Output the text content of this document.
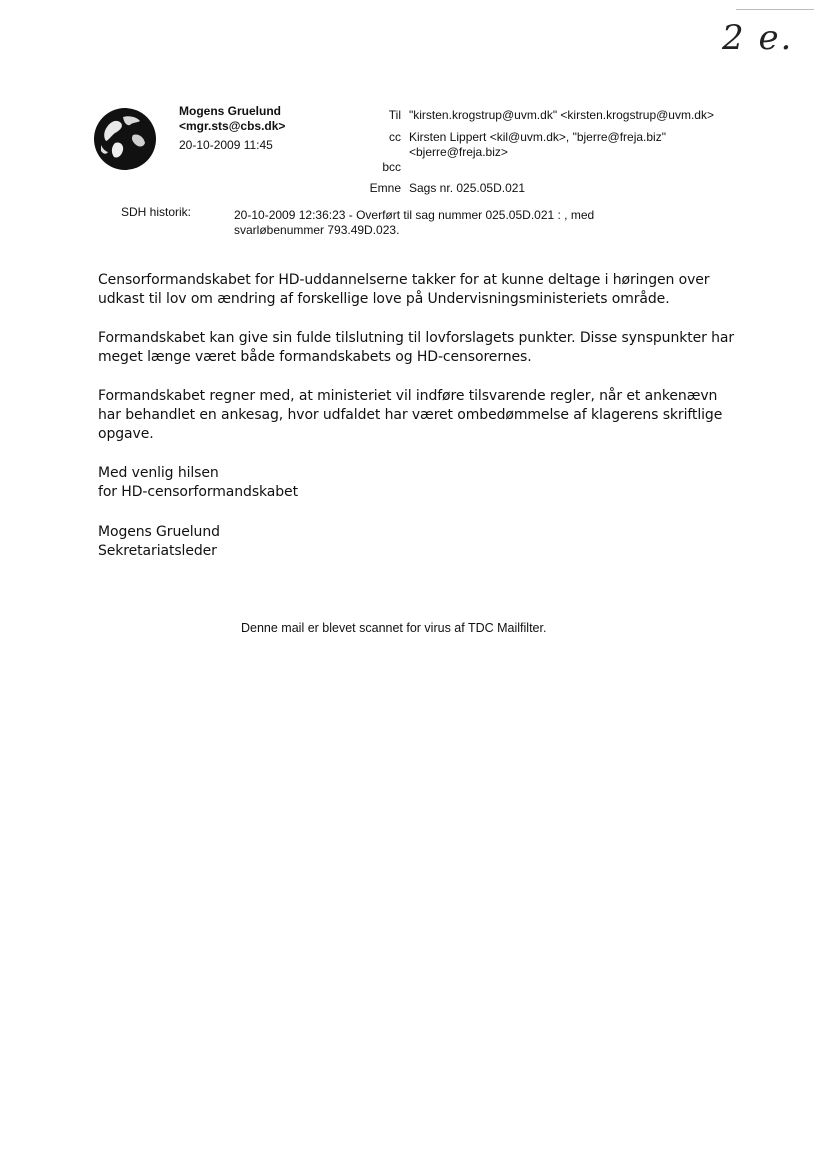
2 e.
Mogens Gruelund
<mgr.sts@cbs.dk>
20-10-2009 11:45
Til "kirsten.krogstrup@uvm.dk" <kirsten.krogstrup@uvm.dk>
cc Kirsten Lippert <kil@uvm.dk>, "bjerre@freja.biz" <bjerre@freja.biz>
bcc
Emne Sags nr. 025.05D.021
SDH historik:	20-10-2009 12:36:23 - Overført til sag nummer 025.05D.021 : , med svarløbenummer 793.49D.023.

Censorformandskabet for HD-uddannelserne takker for at kunne deltage i høringen over udkast til lov om ændring af forskellige love på Undervisningsministeriets område.

Formandskabet kan give sin fulde tilslutning til lovforslagets punkter. Disse synspunkter har meget længe været både formandskabets og HD-censorernes.

Formandskabet regner med, at ministeriet vil indføre tilsvarende regler, når et ankenævn har behandlet en ankesag, hvor udfaldet har været ombedømmelse af klagerens skriftlige opgave.

Med venlig hilsen

for HD-censorformandskabet

Mogens Gruelund

Sekretariatsleder

Denne mail er blevet scannet for virus af TDC Mailfilter.
